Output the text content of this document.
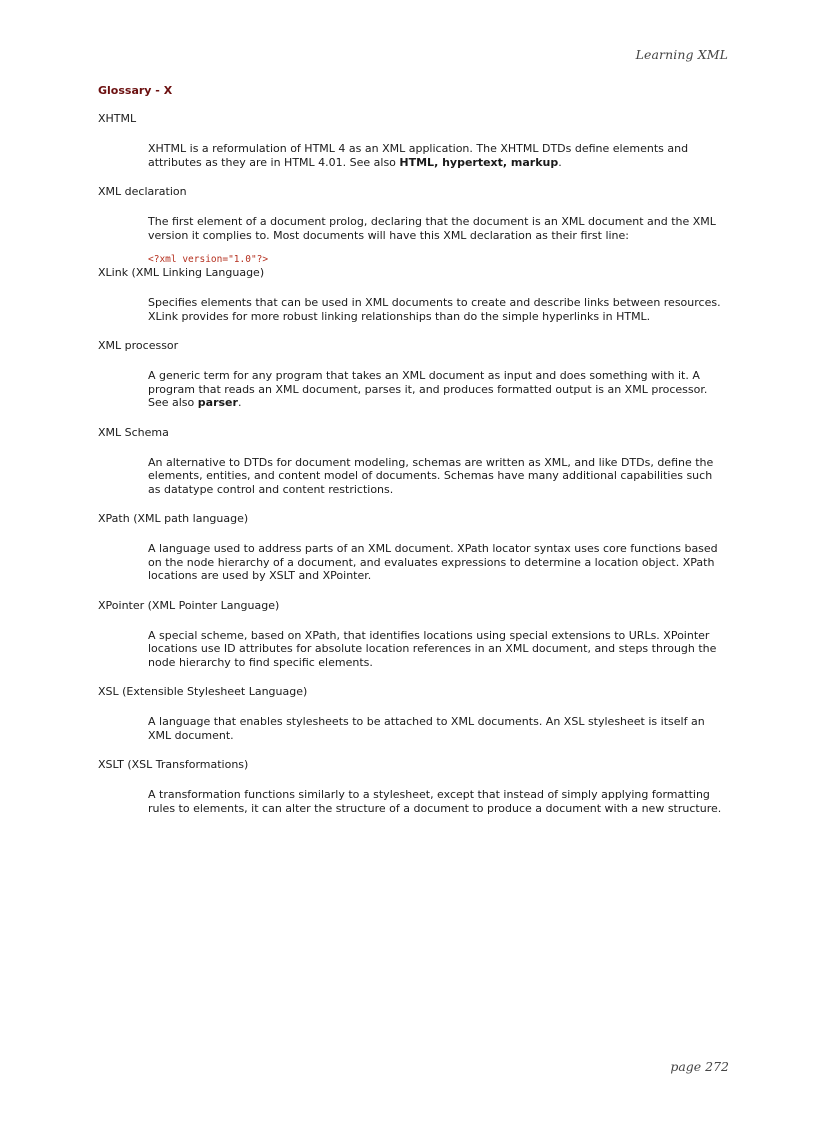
Learning XML
Glossary - X

XHTML

XHTML is a reformulation of HTML 4 as an XML application. The XHTML DTDs define elements and attributes as they are in HTML 4.01. See also HTML, hypertext, markup.

XML declaration

The first element of a document prolog, declaring that the document is an XML document and the XML version it complies to. Most documents will have this XML declaration as their first line:

<?xml version="1.0"?>

XLink (XML Linking Language)

Specifies elements that can be used in XML documents to create and describe links between resources. XLink provides for more robust linking relationships than do the simple hyperlinks in HTML.

XML processor

A generic term for any program that takes an XML document as input and does something with it. A program that reads an XML document, parses it, and produces formatted output is an XML processor. See also parser.

XML Schema

An alternative to DTDs for document modeling, schemas are written as XML, and like DTDs, define the elements, entities, and content model of documents. Schemas have many additional capabilities such as datatype control and content restrictions.

XPath (XML path language)

A language used to address parts of an XML document. XPath locator syntax uses core functions based on the node hierarchy of a document, and evaluates expressions to determine a location object. XPath locations are used by XSLT and XPointer.

XPointer (XML Pointer Language)

A special scheme, based on XPath, that identifies locations using special extensions to URLs. XPointer locations use ID attributes for absolute location references in an XML document, and steps through the node hierarchy to find specific elements.

XSL (Extensible Stylesheet Language)

A language that enables stylesheets to be attached to XML documents. An XSL stylesheet is itself an XML document.

XSLT (XSL Transformations)

A transformation functions similarly to a stylesheet, except that instead of simply applying formatting rules to elements, it can alter the structure of a document to produce a document with a new structure.

page 272
